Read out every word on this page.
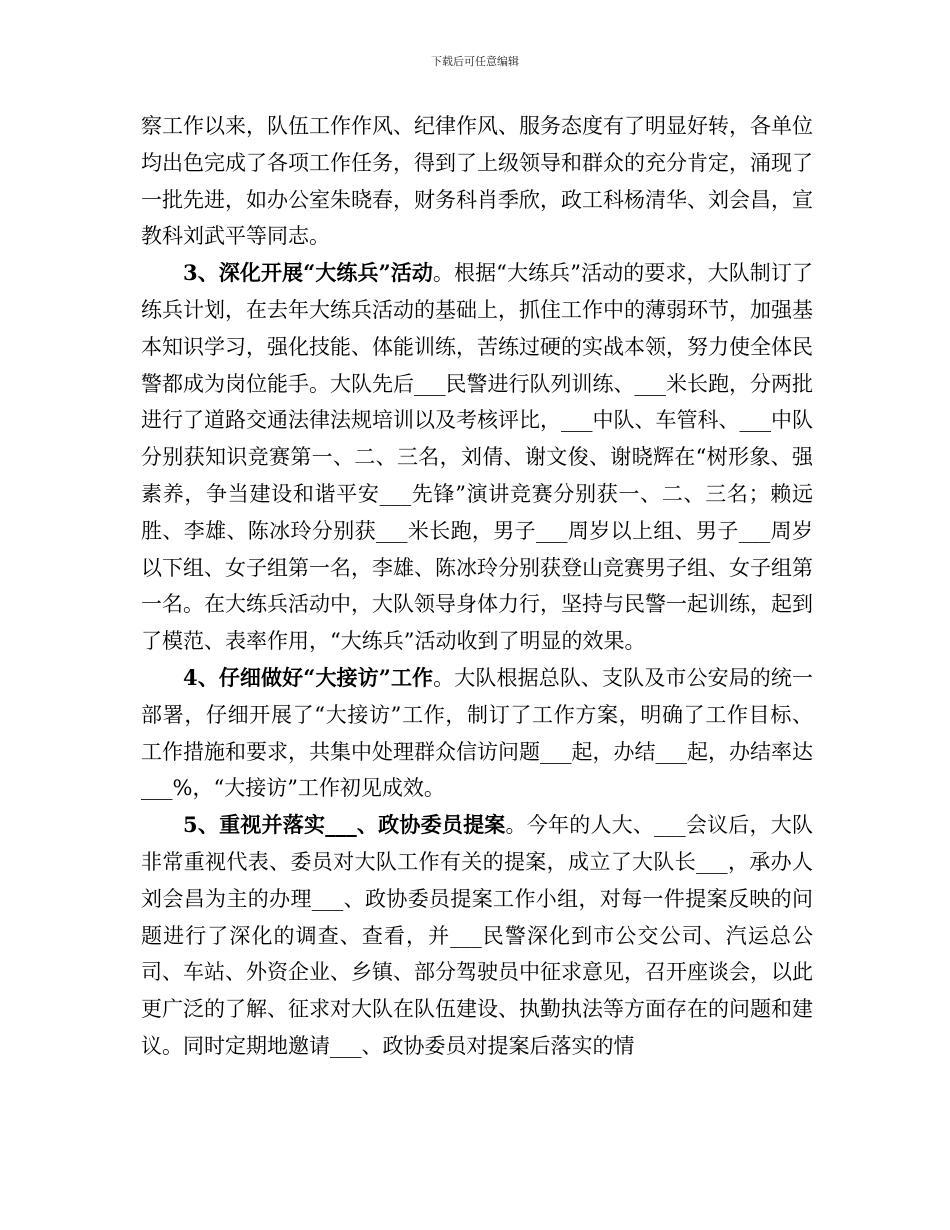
下载后可任意编辑

察工作以来，队伍工作作风、纪律作风、服务态度有了明显好转，各单位均出色完成了各项工作任务，得到了上级领导和群众的充分肯定，涌现了一批先进，如办公室朱晓春，财务科肖季欣，政工科杨清华、刘会昌，宣教科刘武平等同志。

3、深化开展“大练兵”活动。根据“大练兵”活动的要求，大队制订了练兵计划，在去年大练兵活动的基础上，抓住工作中的薄弱环节，加强基本知识学习，强化技能、体能训练，苦练过硬的实战本领，努力使全体民警都成为岗位能手。大队先后___民警进行队列训练、___米长跑，分两批进行了道路交通法律法规培训以及考核评比，___中队、车管科、___中队分别获知识竞赛第一、二、三名，刘倩、谢文俊、谢晓辉在“树形象、强素养，争当建设和谐平安___先锋”演讲竞赛分别获一、二、三名；赖远胜、李雄、陈冰玲分别获___米长跑，男子___周岁以上组、男子___周岁以下组、女子组第一名，李雄、陈冰玲分别获登山竞赛男子组、女子组第一名。在大练兵活动中，大队领导身体力行，坚持与民警一起训练，起到了模范、表率作用，“大练兵”活动收到了明显的效果。

4、仔细做好“大接访”工作。大队根据总队、支队及市公安局的统一部署，仔细开展了“大接访”工作，制订了工作方案，明确了工作目标、工作措施和要求，共集中处理群众信访问题___起，办结___起，办结率达___%，“大接访”工作初见成效。

5、重视并落实___、政协委员提案。今年的人大、___会议后，大队非常重视代表、委员对大队工作有关的提案，成立了大队长___，承办人刘会昌为主的办理___、政协委员提案工作小组，对每一件提案反映的问题进行了深化的调查、查看，并___民警深化到市公交公司、汽运总公司、车站、外资企业、乡镇、部分驾驶员中征求意见，召开座谈会，以此更广泛的了解、征求对大队在队伍建设、执勤执法等方面存在的问题和建议。同时定期地邀请___、政协委员对提案后落实的情
